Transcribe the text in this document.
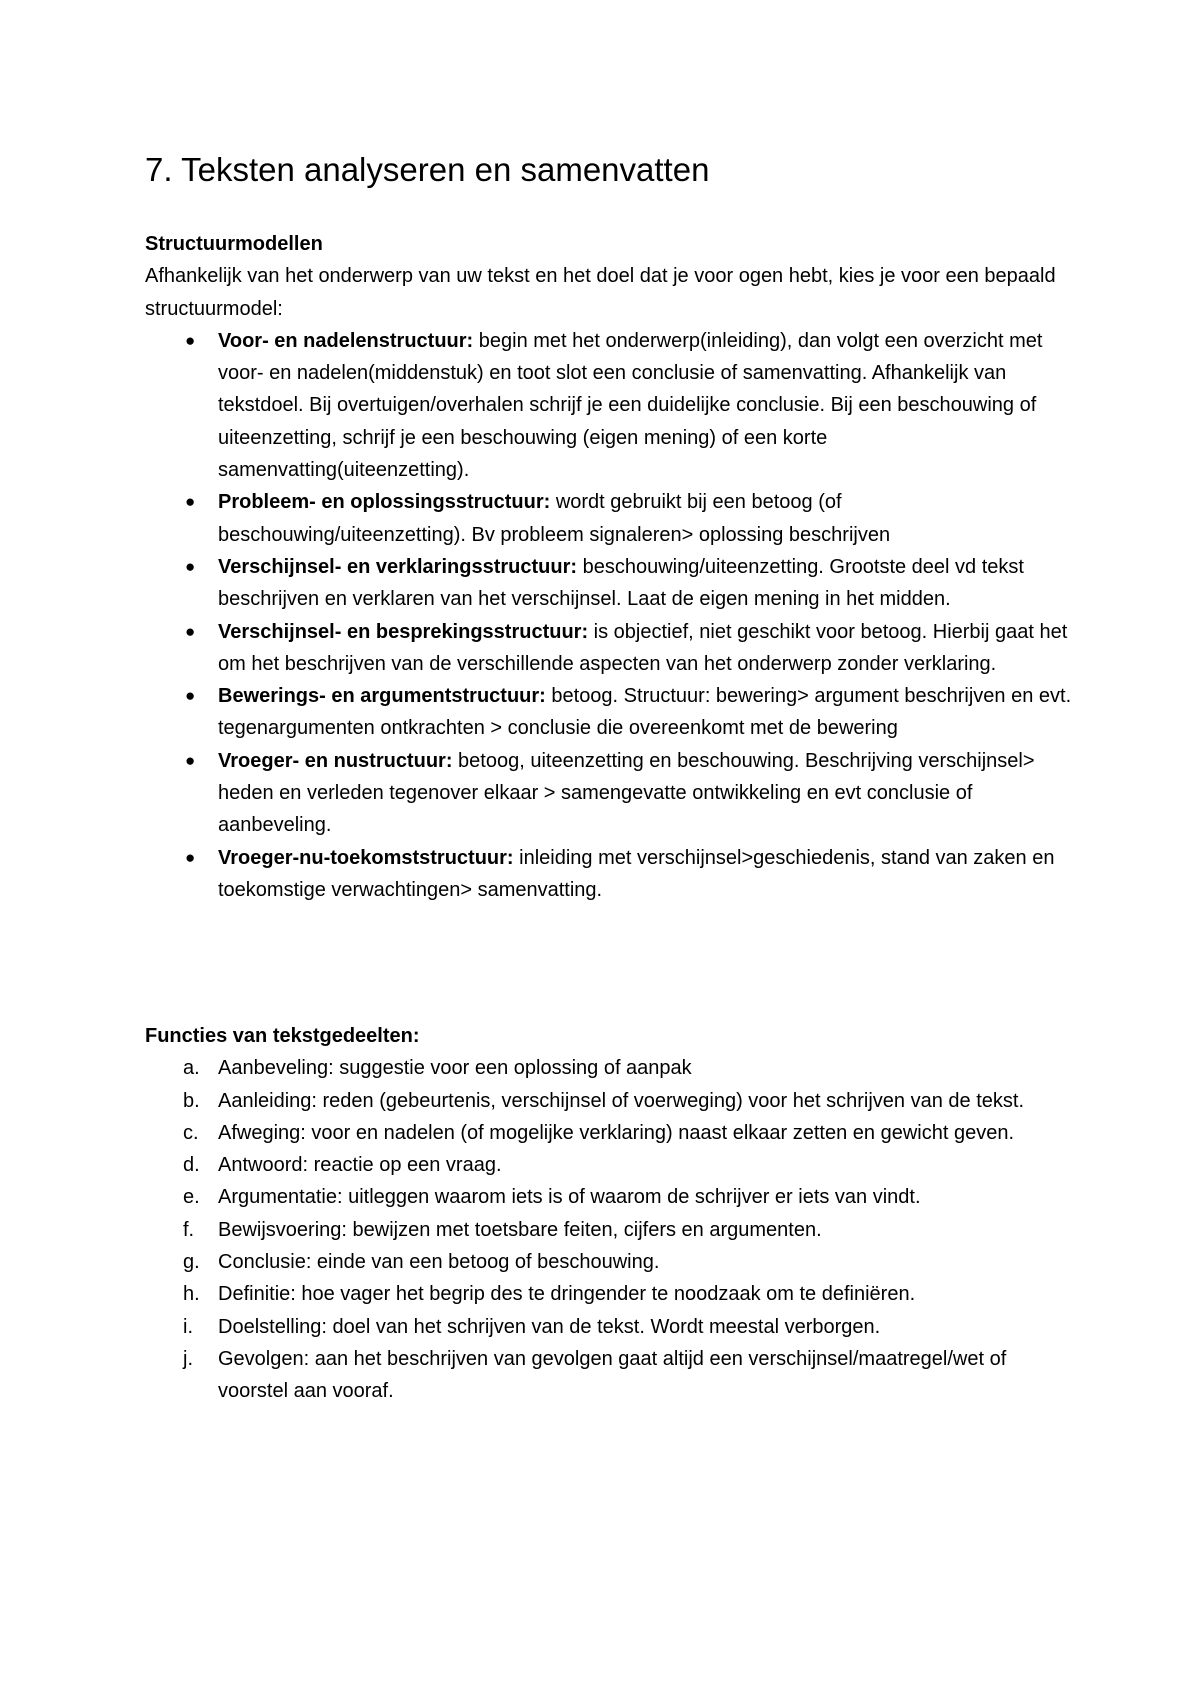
7. Teksten analyseren en samenvatten

Structuurmodellen

Afhankelijk van het onderwerp van uw tekst en het doel dat je voor ogen hebt, kies je voor een bepaald structuurmodel:

● Voor- en nadelenstructuur: begin met het onderwerp(inleiding), dan volgt een overzicht met voor- en nadelen(middenstuk) en toot slot een conclusie of samenvatting. Afhankelijk van tekstdoel. Bij overtuigen/overhalen schrijf je een duidelijke conclusie. Bij een beschouwing of uiteenzetting, schrijf je een beschouwing (eigen mening) of een korte samenvatting(uiteenzetting).
● Probleem- en oplossingsstructuur: wordt gebruikt bij een betoog (of beschouwing/uiteenzetting). Bv probleem signaleren> oplossing beschrijven
● Verschijnsel- en verklaringsstructuur: beschouwing/uiteenzetting. Grootste deel vd tekst beschrijven en verklaren van het verschijnsel. Laat de eigen mening in het midden.
● Verschijnsel- en besprekingsstructuur: is objectief, niet geschikt voor betoog. Hierbij gaat het om het beschrijven van de verschillende aspecten van het onderwerp zonder verklaring.
● Bewerings- en argumentstructuur: betoog. Structuur: bewering> argument beschrijven en evt. tegenargumenten ontkrachten > conclusie die overeenkomt met de bewering
● Vroeger- en nustructuur: betoog, uiteenzetting en beschouwing. Beschrijving verschijnsel> heden en verleden tegenover elkaar > samengevatte ontwikkeling en evt conclusie of aanbeveling.
● Vroeger-nu-toekomststructuur: inleiding met verschijnsel>geschiedenis, stand van zaken en toekomstige verwachtingen> samenvatting.

Functies van tekstgedeelten:

a. Aanbeveling: suggestie voor een oplossing of aanpak
b. Aanleiding: reden (gebeurtenis, verschijnsel of voerweging) voor het schrijven van de tekst.
c. Afweging: voor en nadelen (of mogelijke verklaring) naast elkaar zetten en gewicht geven.
d. Antwoord: reactie op een vraag.
e. Argumentatie: uitleggen waarom iets is of waarom de schrijver er iets van vindt.
f. Bewijsvoering: bewijzen met toetsbare feiten, cijfers en argumenten.
g. Conclusie: einde van een betoog of beschouwing.
h. Definitie: hoe vager het begrip des te dringender te noodzaak om te definiëren.
i. Doelstelling: doel van het schrijven van de tekst. Wordt meestal verborgen.
j. Gevolgen: aan het beschrijven van gevolgen gaat altijd een verschijnsel/maatregel/wet of voorstel aan vooraf.
